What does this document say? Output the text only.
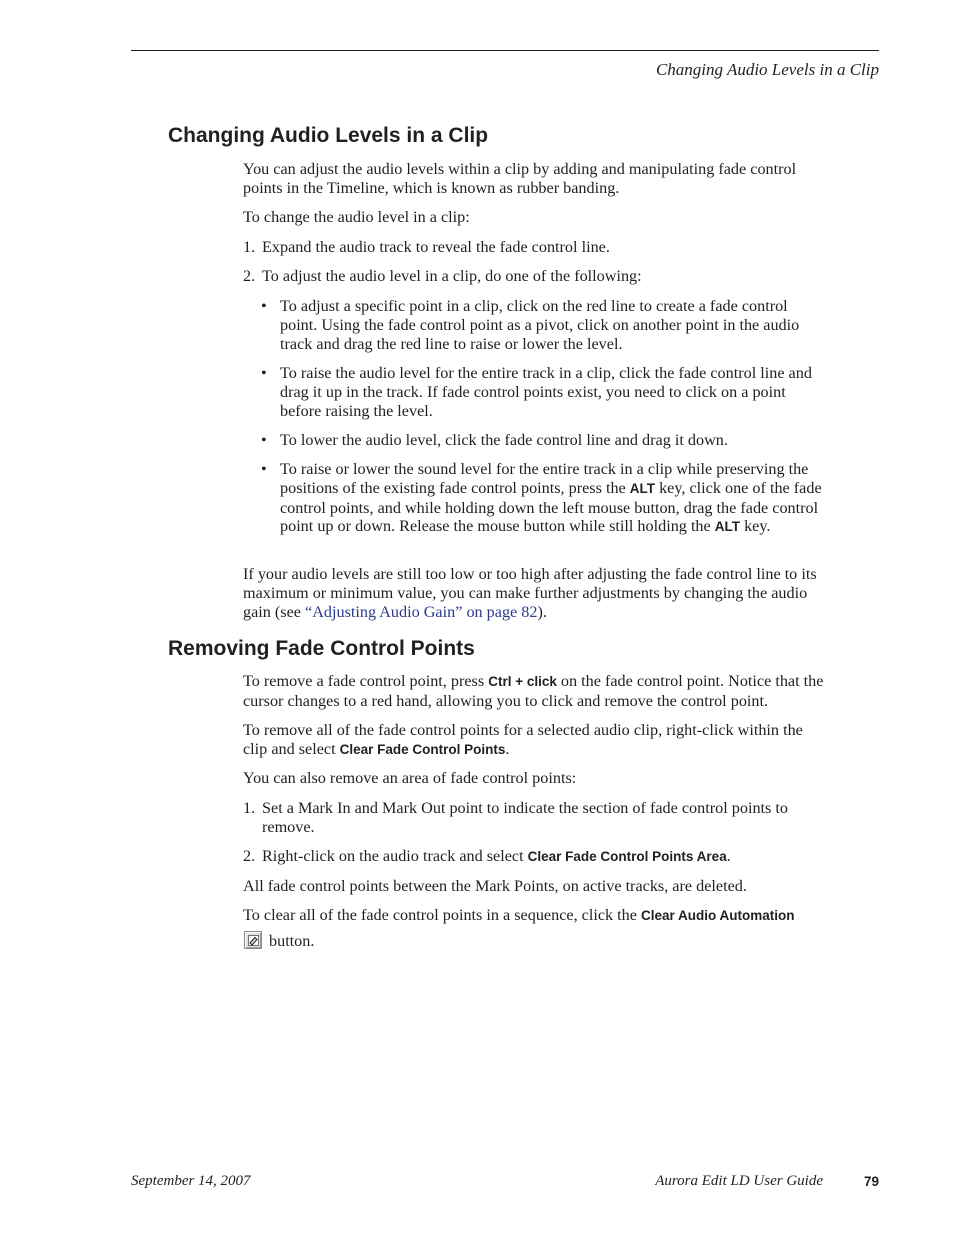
Changing Audio Levels in a Clip
Changing Audio Levels in a Clip

You can adjust the audio levels within a clip by adding and manipulating fade control points in the Timeline, which is known as rubber banding.

To change the audio level in a clip:

1. Expand the audio track to reveal the fade control line.
2. To adjust the audio level in a clip, do one of the following:
• To adjust a specific point in a clip, click on the red line to create a fade control point. Using the fade control point as a pivot, click on another point in the audio track and drag the red line to raise or lower the level.
• To raise the audio level for the entire track in a clip, click the fade control line and drag it up in the track. If fade control points exist, you need to click on a point before raising the level.
• To lower the audio level, click the fade control line and drag it down.
• To raise or lower the sound level for the entire track in a clip while preserving the positions of the existing fade control points, press the ALT key, click one of the fade control points, and while holding down the left mouse button, drag the fade control point up or down. Release the mouse button while still holding the ALT key.

If your audio levels are still too low or too high after adjusting the fade control line to its maximum or minimum value, you can make further adjustments by changing the audio gain (see “Adjusting Audio Gain” on page 82).

Removing Fade Control Points

To remove a fade control point, press Ctrl + click on the fade control point. Notice that the cursor changes to a red hand, allowing you to click and remove the control point.

To remove all of the fade control points for a selected audio clip, right-click within the clip and select Clear Fade Control Points.

You can also remove an area of fade control points:

1. Set a Mark In and Mark Out point to indicate the section of fade control points to remove.
2. Right-click on the audio track and select Clear Fade Control Points Area.

All fade control points between the Mark Points, on active tracks, are deleted.

To clear all of the fade control points in a sequence, click the Clear Audio Automation

button.
September 14, 2007	Aurora Edit LD User Guide	79
